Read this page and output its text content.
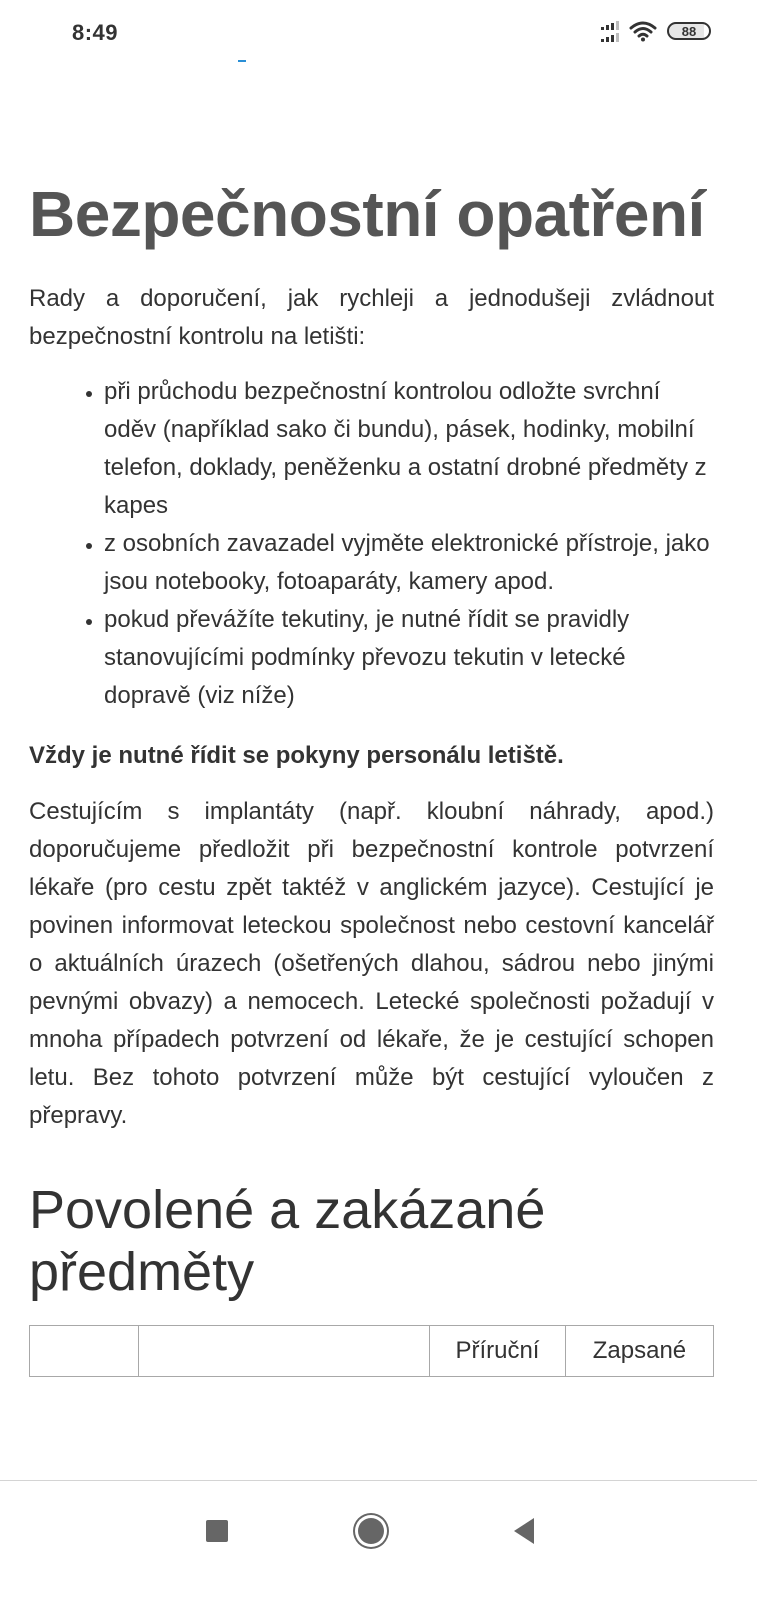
8:49	88
Bezpečnostní opatření

Rady a doporučení, jak rychleji a jednodušeji zvládnout bezpečnostní kontrolu na letišti:

• při průchodu bezpečnostní kontrolou odložte svrchní oděv (například sako či bundu), pásek, hodinky, mobilní telefon, doklady, peněženku a ostatní drobné předměty z kapes
• z osobních zavazadel vyjměte elektronické přístroje, jako jsou notebooky, fotoaparáty, kamery apod.
• pokud převážíte tekutiny, je nutné řídit se pravidly stanovujícími podmínky převozu tekutin v letecké dopravě (viz níže)

Vždy je nutné řídit se pokyny personálu letiště.

Cestujícím s implantáty (např. kloubní náhrady, apod.) doporučujeme předložit při bezpečnostní kontrole potvrzení lékaře (pro cestu zpět taktéž v anglickém jazyce). Cestující je povinen informovat leteckou společnost nebo cestovní kancelář o aktuálních úrazech (ošetřených dlahou, sádrou nebo jinými pevnými obvazy) a nemocech. Letecké společnosti požadují v mnoha případech potvrzení od lékaře, že je cestující schopen letu. Bez tohoto potvrzení může být cestující vyloučen z přepravy.

Povolené a zakázané předměty
		Příruční	Zapsané
